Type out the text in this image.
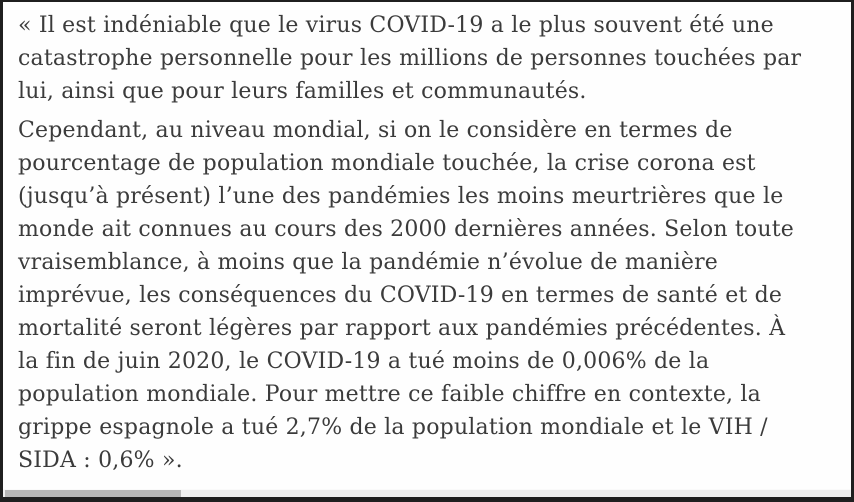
« Il est indéniable que le virus COVID-19 a le plus souvent été une
catastrophe personnelle pour les millions de personnes touchées par
lui, ainsi que pour leurs familles et communautés.
Cependant, au niveau mondial, si on le considère en termes de
pourcentage de population mondiale touchée, la crise corona est
(jusqu’à présent) l’une des pandémies les moins meurtrières que le
monde ait connues au cours des 2000 dernières années. Selon toute
vraisemblance, à moins que la pandémie n’évolue de manière
imprévue, les conséquences du COVID-19 en termes de santé et de
mortalité seront légères par rapport aux pandémies précédentes. À
la fin de juin 2020, le COVID-19 a tué moins de 0,006% de la
population mondiale. Pour mettre ce faible chiffre en contexte, la
grippe espagnole a tué 2,7% de la population mondiale et le VIH /
SIDA : 0,6% ».
